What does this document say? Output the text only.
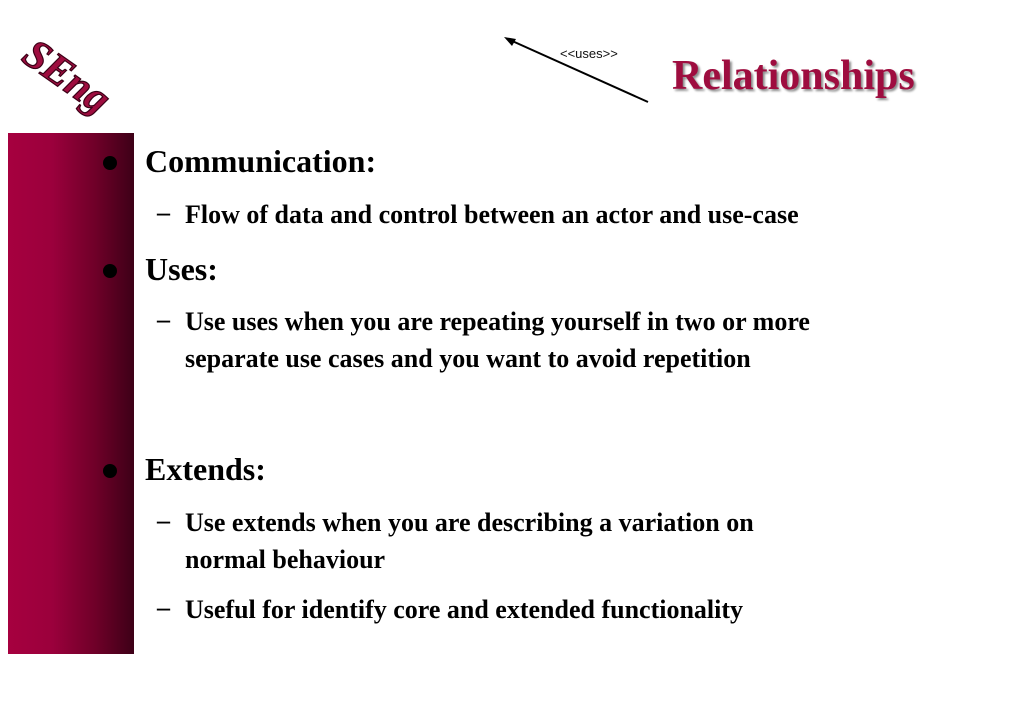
SEng	<<uses>> Relationships
Communication:
– Flow of data and control between an actor and use-case
Uses:
– Use uses when you are repeating yourself in two or more
separate use cases and you want to avoid repetition
Extends:
– Use extends when you are describing a variation on
normal behaviour
– Useful for identify core and extended functionality
